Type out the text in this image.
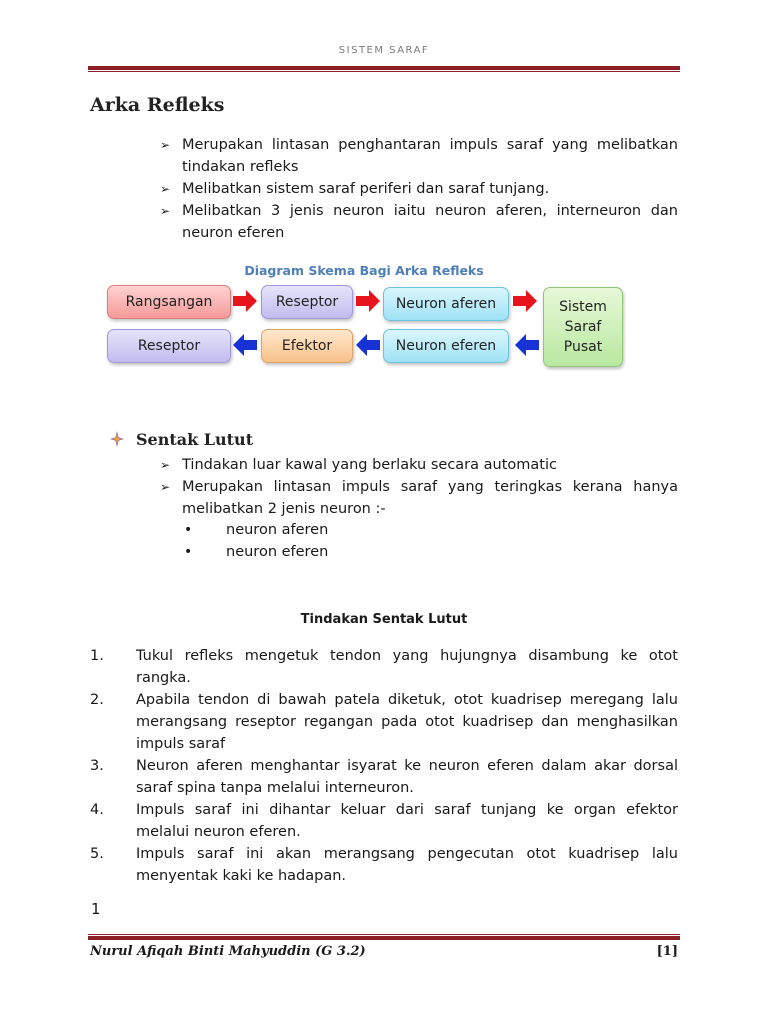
SISTEM SARAF
Arka Refleks
➢ Merupakan lintasan penghantaran impuls saraf yang melibatkan tindakan refleks
➢ Melibatkan sistem saraf periferi dan saraf tunjang.
➢ Melibatkan 3 jenis neuron iaitu neuron aferen, interneuron dan neuron eferen
Diagram Skema Bagi Arka Refleks
Rangsangan	Reseptor	Neuron aferen
Reseptor	Efektor	Neuron eferen
Sistem
Saraf
Pusat
Sentak Lutut
➢ Tindakan luar kawal yang berlaku secara automatic
➢ Merupakan lintasan impuls saraf yang teringkas kerana hanya melibatkan 2 jenis neuron :-
• neuron aferen
• neuron eferen
Tindakan Sentak Lutut
1. Tukul refleks mengetuk tendon yang hujungnya disambung ke otot rangka.
2. Apabila tendon di bawah patela diketuk, otot kuadrisep meregang lalu merangsang reseptor regangan pada otot kuadrisep dan menghasilkan impuls saraf
3. Neuron aferen menghantar isyarat ke neuron eferen dalam akar dorsal saraf spina tanpa melalui interneuron.
4. Impuls saraf ini dihantar keluar dari saraf tunjang ke organ efektor melalui neuron eferen.
5. Impuls saraf ini akan merangsang pengecutan otot kuadrisep lalu menyentak kaki ke hadapan.
1
Nurul Afiqah Binti Mahyuddin (G 3.2)	[1]
